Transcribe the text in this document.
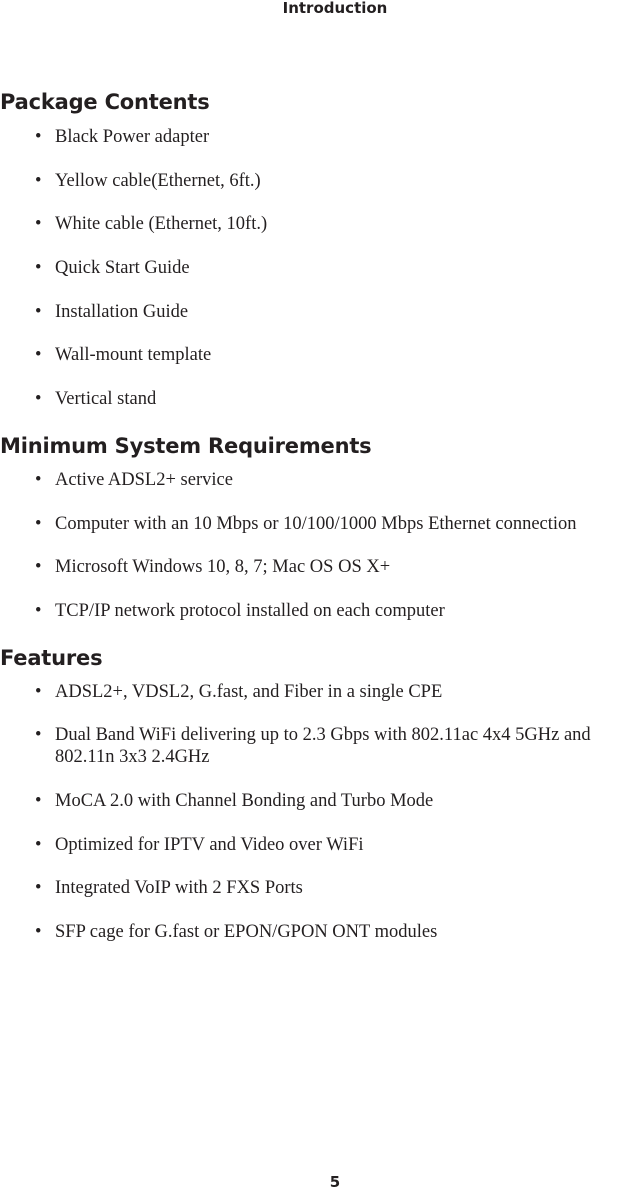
Introduction
Package Contents
• Black Power adapter
• Yellow cable(Ethernet, 6ft.)
• White cable (Ethernet, 10ft.)
• Quick Start Guide
• Installation Guide
• Wall-mount template
• Vertical stand
Minimum System Requirements
• Active ADSL2+ service
• Computer with an 10 Mbps or 10/100/1000 Mbps Ethernet connection
• Microsoft Windows 10, 8, 7; Mac OS OS X+
• TCP/IP network protocol installed on each computer
Features
• ADSL2+, VDSL2, G.fast, and Fiber in a single CPE
• Dual Band WiFi delivering up to 2.3 Gbps with 802.11ac 4x4 5GHz and 802.11n 3x3 2.4GHz
• MoCA 2.0 with Channel Bonding and Turbo Mode
• Optimized for IPTV and Video over WiFi
• Integrated VoIP with 2 FXS Ports
• SFP cage for G.fast or EPON/GPON ONT modules
5
